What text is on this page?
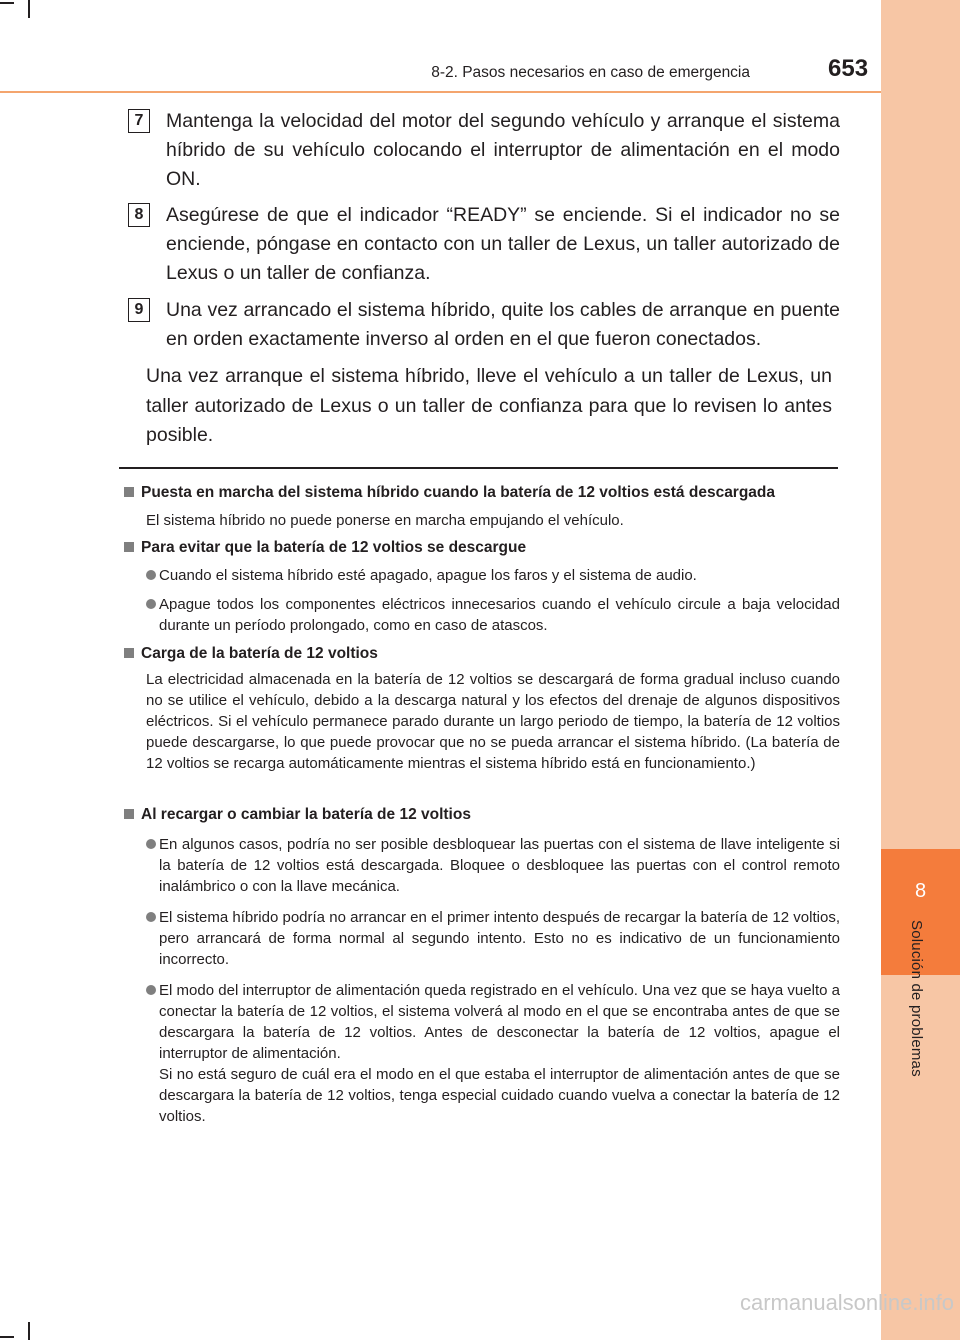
8
Solución de problemas
8-2. Pasos necesarios en caso de emergencia	653
7	Mantenga la velocidad del motor del segundo vehículo y arranque el sistema híbrido de su vehículo colocando el interruptor de alimentación en el modo ON.
8	Asegúrese de que el indicador “READY” se enciende. Si el indicador no se enciende, póngase en contacto con un taller de Lexus, un taller autorizado de Lexus o un taller de confianza.
9	Una vez arrancado el sistema híbrido, quite los cables de arranque en puente en orden exactamente inverso al orden en el que fueron conectados.
Una vez arranque el sistema híbrido, lleve el vehículo a un taller de Lexus, un taller autorizado de Lexus o un taller de confianza para que lo revisen lo antes posible.
Puesta en marcha del sistema híbrido cuando la batería de 12 voltios está descargada
El sistema híbrido no puede ponerse en marcha empujando el vehículo.
Para evitar que la batería de 12 voltios se descargue
Cuando el sistema híbrido esté apagado, apague los faros y el sistema de audio.
Apague todos los componentes eléctricos innecesarios cuando el vehículo circule a baja velocidad durante un período prolongado, como en caso de atascos.
Carga de la batería de 12 voltios
La electricidad almacenada en la batería de 12 voltios se descargará de forma gradual incluso cuando no se utilice el vehículo, debido a la descarga natural y los efectos del drenaje de algunos dispositivos eléctricos. Si el vehículo permanece parado durante un largo periodo de tiempo, la batería de 12 voltios puede descargarse, lo que puede provocar que no se pueda arrancar el sistema híbrido. (La batería de 12 voltios se recarga automáticamente mientras el sistema híbrido está en funcionamiento.)
Al recargar o cambiar la batería de 12 voltios
En algunos casos, podría no ser posible desbloquear las puertas con el sistema de llave inteligente si la batería de 12 voltios está descargada. Bloquee o desbloquee las puertas con el control remoto inalámbrico o con la llave mecánica.
El sistema híbrido podría no arrancar en el primer intento después de recargar la batería de 12 voltios, pero arrancará de forma normal al segundo intento. Esto no es indicativo de un funcionamiento incorrecto.
El modo del interruptor de alimentación queda registrado en el vehículo. Una vez que se haya vuelto a conectar la batería de 12 voltios, el sistema volverá al modo en el que se encontraba antes de que se descargara la batería de 12 voltios. Antes de desconectar la batería de 12 voltios, apague el interruptor de alimentación.
Si no está seguro de cuál era el modo en el que estaba el interruptor de alimentación antes de que se descargara la batería de 12 voltios, tenga especial cuidado cuando vuelva a conectar la batería de 12 voltios.
carmanualsonline.info
